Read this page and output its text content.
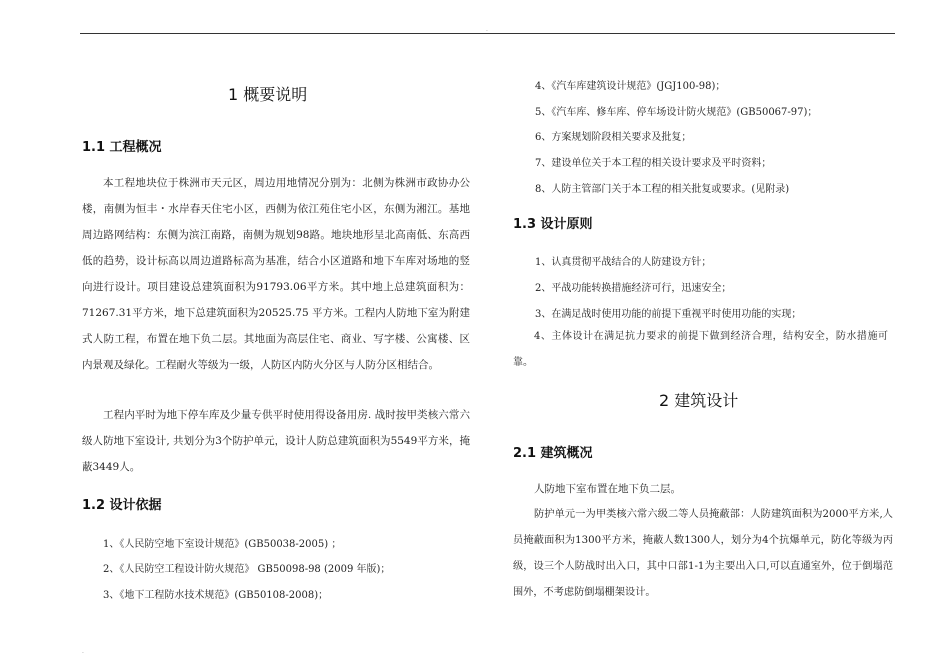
.
.
1 概要说明
1.1 工程概况
本工程地块位于株洲市天元区，周边用地情况分别为：北侧为株洲市政协办公楼，南侧为恒丰・水岸春天住宅小区，西侧为依江苑住宅小区，东侧为湘江。基地周边路网结构：东侧为滨江南路，南侧为规划98路。地块地形呈北高南低、东高西低的趋势，设计标高以周边道路标高为基准，结合小区道路和地下车库对场地的竖向进行设计。项目建设总建筑面积为91793.06平方米。其中地上总建筑面积为：71267.31平方米，地下总建筑面积为20525.75 平方米。工程内人防地下室为附建式人防工程，布置在地下负二层。其地面为高层住宅、商业、写字楼、公寓楼、区内景观及绿化。工程耐火等级为一级，人防区内防火分区与人防分区相结合。
工程内平时为地下停车库及少量专供平时使用得设备用房. 战时按甲类核六常六级人防地下室设计, 共划分为3个防护单元，设计人防总建筑面积为5549平方米，掩蔽3449人。
1.2 设计依据
1、《人民防空地下室设计规范》(GB50038-2005) ；
2、《人民防空工程设计防火规范》 GB50098-98 (2009 年版)；
3、《地下工程防水技术规范》(GB50108-2008)；
4、《汽车库建筑设计规范》(JGJ100-98)；
5、《汽车库、修车库、停车场设计防火规范》(GB50067-97)；
6、方案规划阶段相关要求及批复；
7、建设单位关于本工程的相关设计要求及平时资料；
8、人防主管部门关于本工程的相关批复或要求。(见附录)
1.3 设计原则
1、认真贯彻平战结合的人防建设方针；
2、平战功能转换措施经济可行，迅速安全；
3、在满足战时使用功能的前提下重视平时使用功能的实现；
4、主体设计在满足抗力要求的前提下做到经济合理，结构安全，防水措施可靠。
2 建筑设计
2.1 建筑概况
人防地下室布置在地下负二层。
防护单元一为甲类核六常六级二等人员掩蔽部：人防建筑面积为2000平方米,人员掩蔽面积为1300平方米，掩蔽人数1300人，划分为4个抗爆单元，防化等级为丙级，设三个人防战时出入口，其中口部1-1为主要出入口,可以直通室外，位于倒塌范围外，不考虑防倒塌棚架设计。
